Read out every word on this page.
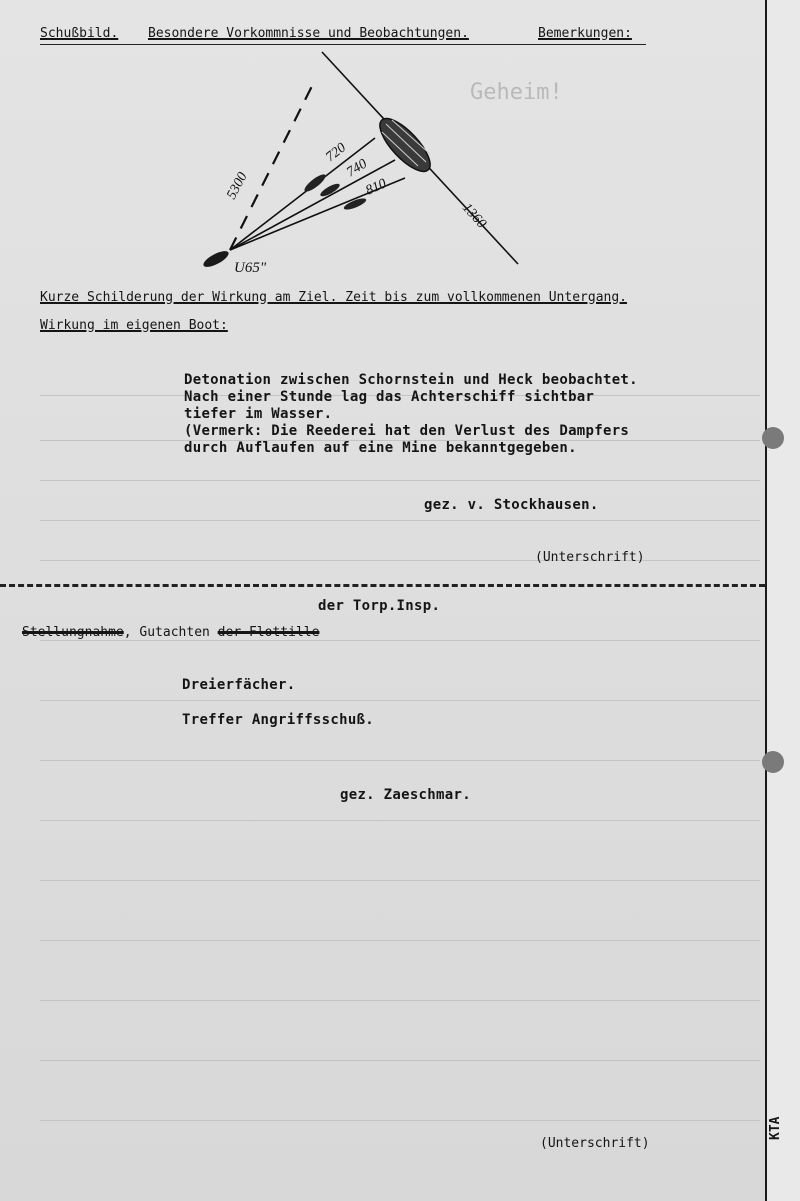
Geheim!
Schußbild. Besondere Vorkommnisse und Beobachtungen.	Bemerkungen:
5300
720
740
810
1360
U65"
Kurze Schilderung der Wirkung am Ziel. Zeit bis zum vollkommenen Untergang.
Wirkung im eigenen Boot:
Detonation zwischen Schornstein und Heck beobachtet.
Nach einer Stunde lag das Achterschiff sichtbar
tiefer im Wasser.
(Vermerk: Die Reederei hat den Verlust des Dampfers
durch Auflaufen auf eine Mine bekanntgegeben.
gez. v. Stockhausen.
(Unterschrift)
der Torp.Insp.
Stellungnahme, Gutachten der Flottille
Dreierfächer.
Treffer Angriffsschuß.
gez. Zaeschmar.
(Unterschrift)
KTA
